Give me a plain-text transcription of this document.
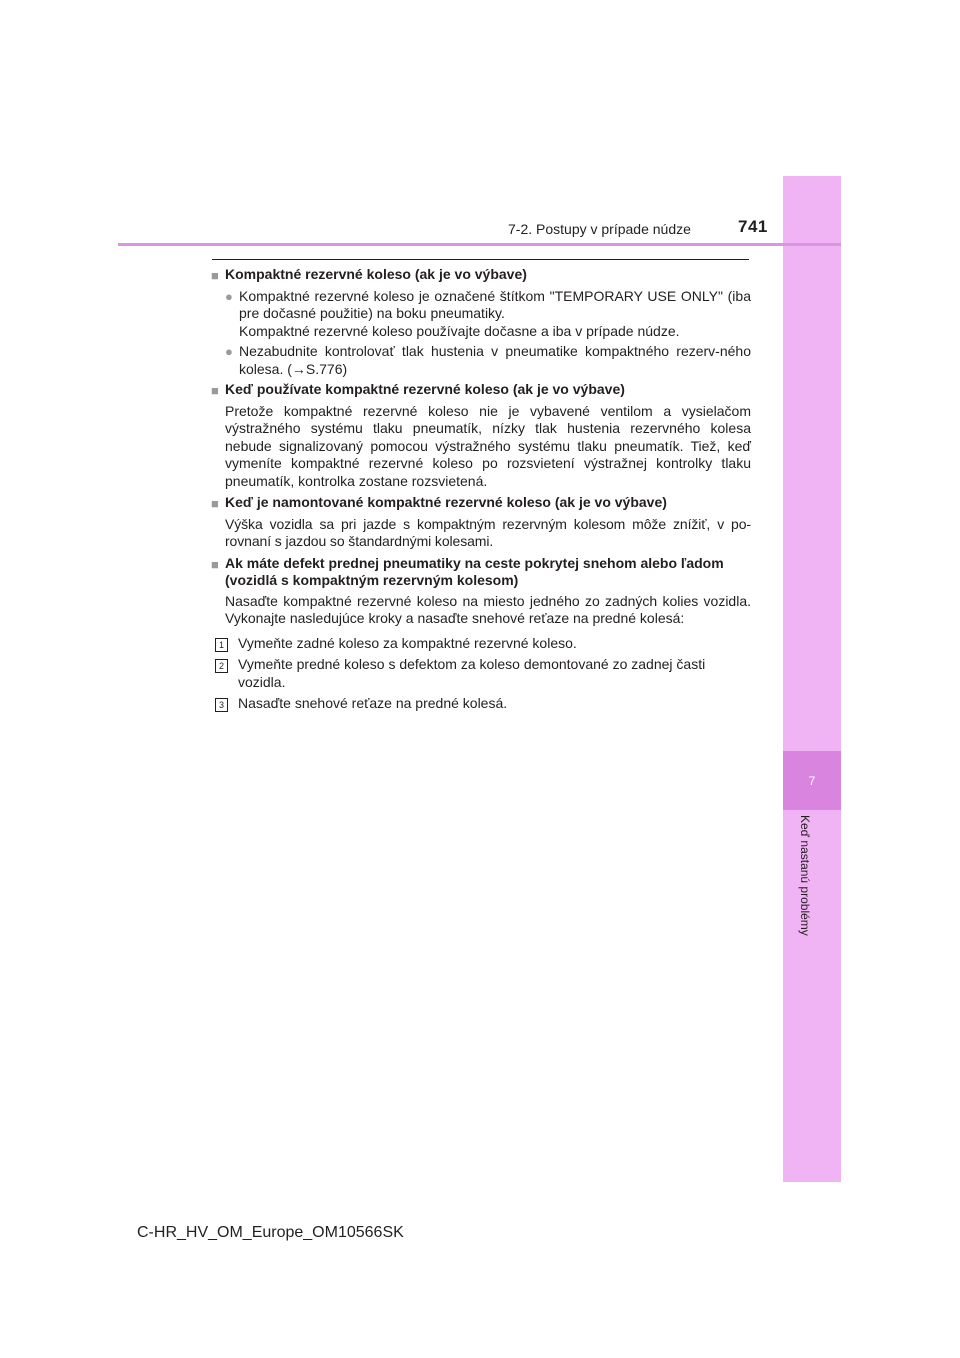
7
Keď nastanú problémy
7-2. Postupy v prípade núdze	741
■ Kompaktné rezervné koleso (ak je vo výbave)
● Kompaktné rezervné koleso je označené štítkom "TEMPORARY USE ONLY" (iba pre dočasné použitie) na boku pneumatiky.
Kompaktné rezervné koleso používajte dočasne a iba v prípade núdze.
● Nezabudnite kontrolovať tlak hustenia v pneumatike kompaktného rezerv-ného kolesa. (→S.776)
■ Keď používate kompaktné rezervné koleso (ak je vo výbave)
Pretože kompaktné rezervné koleso nie je vybavené ventilom a vysielačom výstražného systému tlaku pneumatík, nízky tlak hustenia rezervného kolesa nebude signalizovaný pomocou výstražného systému tlaku pneumatík. Tiež, keď vymeníte kompaktné rezervné koleso po rozsvietení výstražnej kontrolky tlaku pneumatík, kontrolka zostane rozsvietená.
■ Keď je namontované kompaktné rezervné koleso (ak je vo výbave)
Výška vozidla sa pri jazde s kompaktným rezervným kolesom môže znížiť, v po-rovnaní s jazdou so štandardnými kolesami.
■ Ak máte defekt prednej pneumatiky na ceste pokrytej snehom alebo ľadom (vozidlá s kompaktným rezervným kolesom)
Nasaďte kompaktné rezervné koleso na miesto jedného zo zadných kolies vozidla. Vykonajte nasledujúce kroky a nasaďte snehové reťaze na predné kolesá:
1 Vymeňte zadné koleso za kompaktné rezervné koleso.
2 Vymeňte predné koleso s defektom za koleso demontované zo zadnej časti vozidla.
3 Nasaďte snehové reťaze na predné kolesá.
C-HR_HV_OM_Europe_OM10566SK
